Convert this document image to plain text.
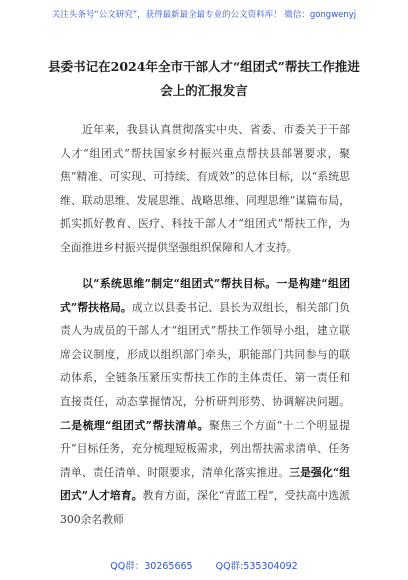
关注头条号“公文研究”，获得最新最全最专业的公文资料库！ 微信：gongwenyj
县委书记在2024年全市干部人才“组团式”帮扶工作推进
会上的汇报发言

近年来，我县认真贯彻落实中央、省委、市委关于干部人才“组团式”帮扶国家乡村振兴重点帮扶县部署要求，聚焦“精准、可实现、可持续、有成效”的总体目标，以“系统思维、联动思维、发展思维、战略思维、同理思维”谋篇布局，抓实抓好教育、医疗、科技干部人才“组团式”帮扶工作，为全面推进乡村振兴提供坚强组织保障和人才支持。

以“系统思维”制定“组团式”帮扶目标。一是构建“组团式”帮扶格局。成立以县委书记、县长为双组长，相关部门负责人为成员的干部人才“组团式”帮扶工作领导小组，建立联席会议制度，形成以组织部门牵头，职能部门共同参与的联动体系，全链条压紧压实帮扶工作的主体责任、第一责任和直接责任，动态掌握情况，分析研判形势、协调解决问题。二是梳理“组团式”帮扶清单。聚焦三个方面“十二个明显提升”目标任务，充分梳理短板需求，列出帮扶需求清单、任务清单、责任清单、时限要求，清单化落实推进。三是强化“组团式”人才培育。教育方面，深化“青蓝工程”，受扶高中选派300余名教师

QQ群：30265665 QQ群:535304092
